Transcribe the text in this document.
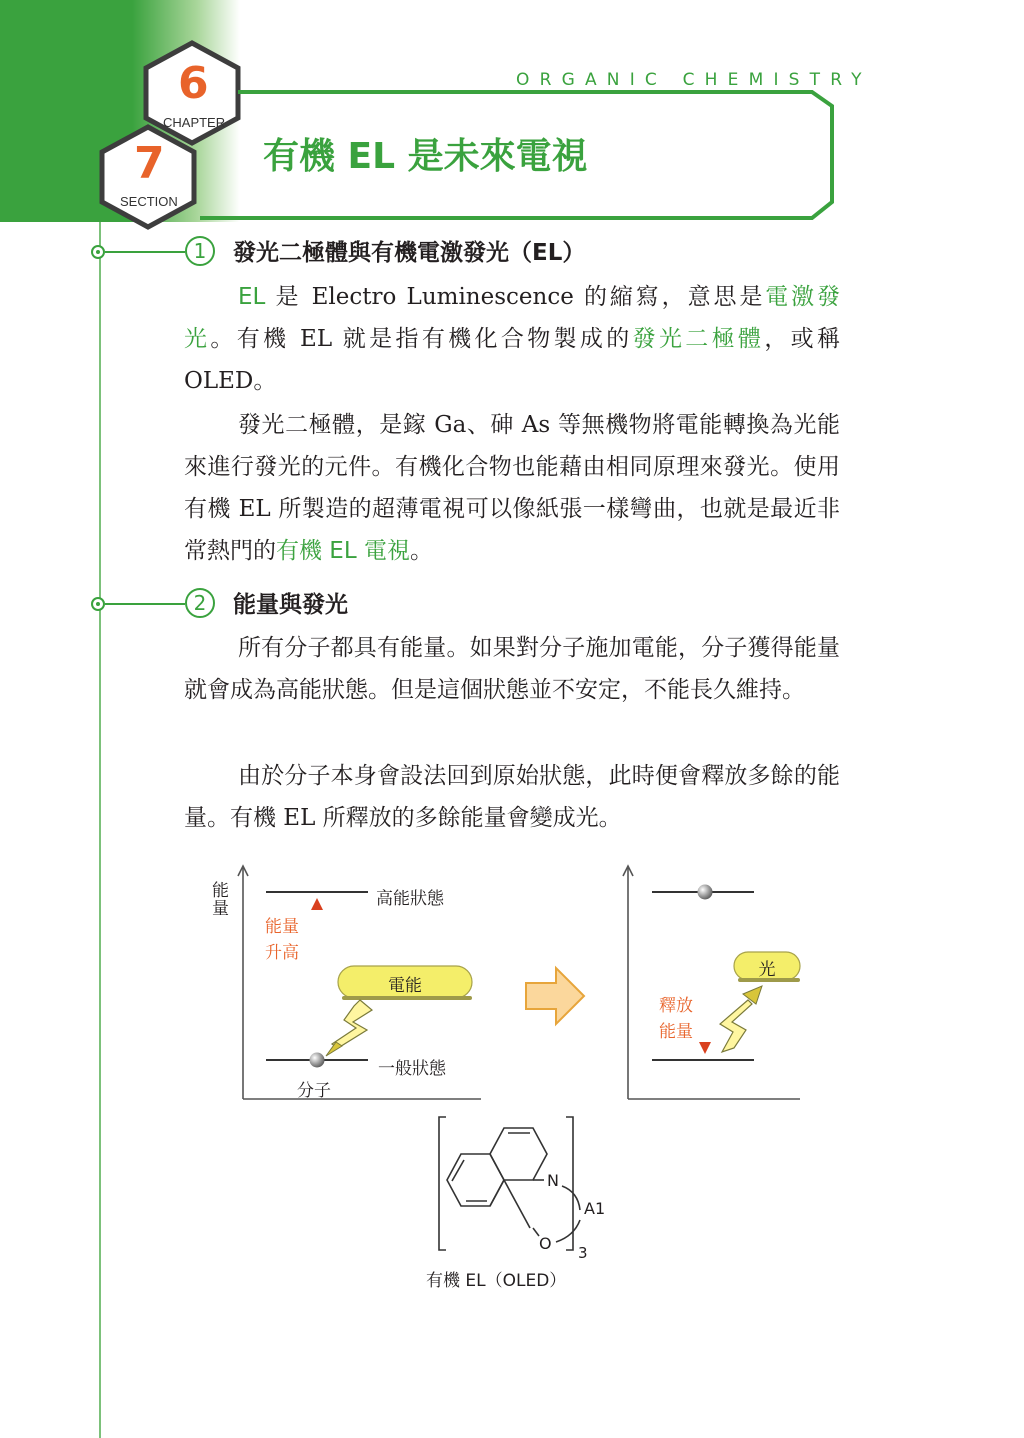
6
CHAPTER
7
SECTION
ORGANIC CHEMISTRY
有機 EL 是未來電視
1	發光二極體與有機電激發光（EL）

EL 是 Electro Luminescence 的縮寫，意思是電激發光。有機 EL 就是指有機化合物製成的發光二極體，或稱 OLED。

發光二極體，是鎵 Ga、砷 As 等無機物將電能轉換為光能來進行發光的元件。有機化合物也能藉由相同原理來發光。使用有機 EL 所製造的超薄電視可以像紙張一樣彎曲，也就是最近非常熱門的有機 EL 電視。

2	能量與發光

所有分子都具有能量。如果對分子施加電能，分子獲得能量就會成為高能狀態。但是這個狀態並不安定，不能長久維持。

由於分子本身會設法回到原始狀態，此時便會釋放多餘的能量。有機 EL 所釋放的多餘能量會變成光。

能
量	高能狀態
能量
升高
電能
一般狀態
分子
光
釋放
能量
N
O
A1
3
有機 EL（OLED）
